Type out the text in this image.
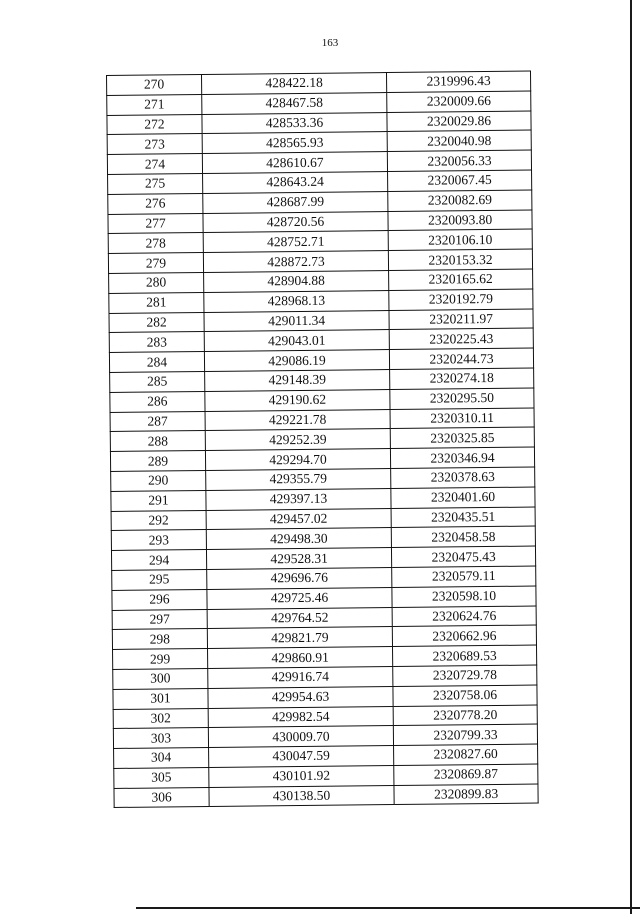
163
270	428422.18	2319996.43
271	428467.58	2320009.66
272	428533.36	2320029.86
273	428565.93	2320040.98
274	428610.67	2320056.33
275	428643.24	2320067.45
276	428687.99	2320082.69
277	428720.56	2320093.80
278	428752.71	2320106.10
279	428872.73	2320153.32
280	428904.88	2320165.62
281	428968.13	2320192.79
282	429011.34	2320211.97
283	429043.01	2320225.43
284	429086.19	2320244.73
285	429148.39	2320274.18
286	429190.62	2320295.50
287	429221.78	2320310.11
288	429252.39	2320325.85
289	429294.70	2320346.94
290	429355.79	2320378.63
291	429397.13	2320401.60
292	429457.02	2320435.51
293	429498.30	2320458.58
294	429528.31	2320475.43
295	429696.76	2320579.11
296	429725.46	2320598.10
297	429764.52	2320624.76
298	429821.79	2320662.96
299	429860.91	2320689.53
300	429916.74	2320729.78
301	429954.63	2320758.06
302	429982.54	2320778.20
303	430009.70	2320799.33
304	430047.59	2320827.60
305	430101.92	2320869.87
306	430138.50	2320899.83
